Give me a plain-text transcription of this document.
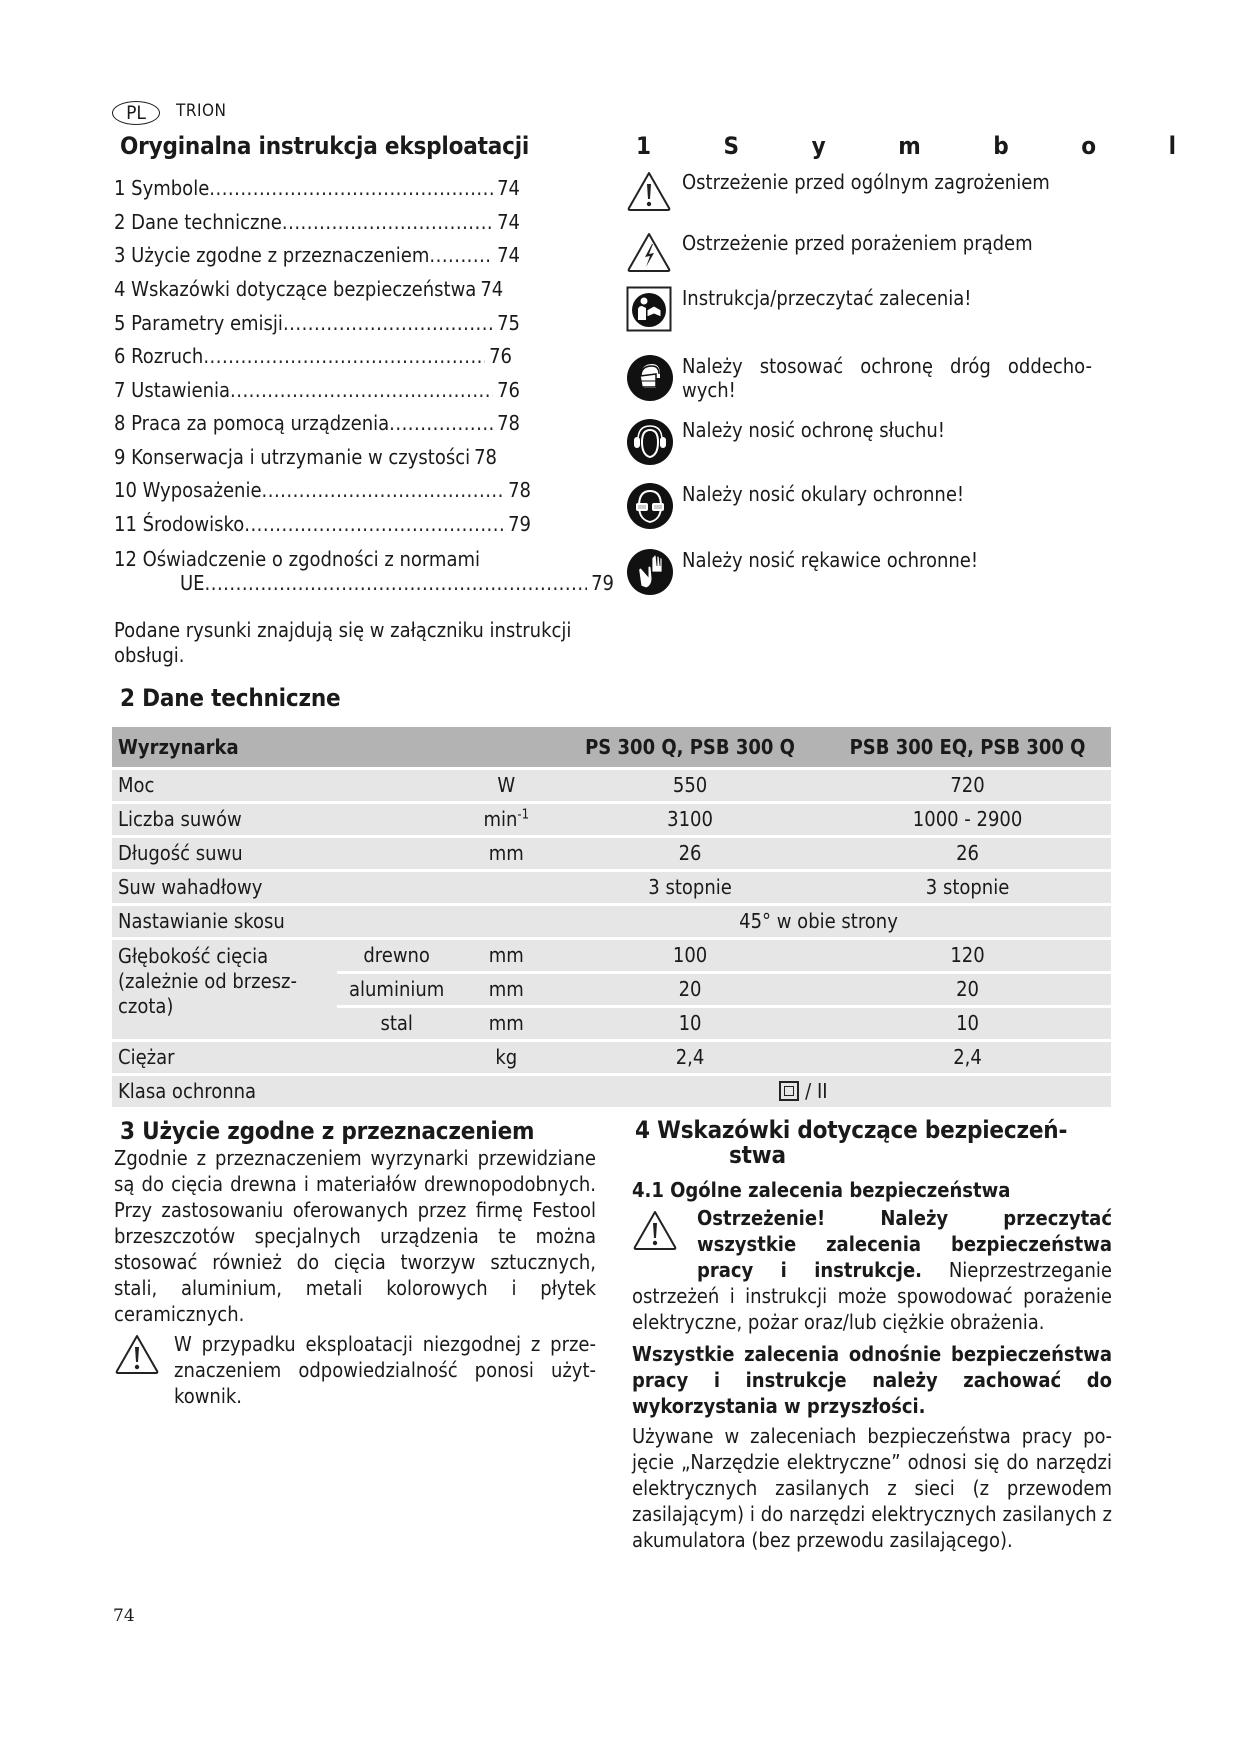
PL	TRION
Oryginalna instrukcja eksploatacji
1 Symbole .....	74
2 Dane techniczne .....	74
3 Użycie zgodne z przeznaczeniem .....	74
4 Wskazówki dotyczące bezpieczeństwa 74
5 Parametry emisji .....	75
6 Rozruch .....	76
7 Ustawienia .....	76
8 Praca za pomocą urządzenia .....	78
9 Konserwacja i utrzymanie w czystości 78
10 Wyposażenie .....	78
11 Środowisko .....	79
12 Oświadczenie o zgodności z normami
UE .....	79
Podane rysunki znajdują się w załączniku instrukcji obsługi.
2 Dane techniczne
1	S	y	m	b	o	l
Ostrzeżenie przed ogólnym zagrożeniem
Ostrzeżenie przed porażeniem prądem
Instrukcja/przeczytać zalecenia!
Należy stosować ochronę dróg oddecho-wych!
Należy nosić ochronę słuchu!
Należy nosić okulary ochronne!
Należy nosić rękawice ochronne!
Wyrzynarka			PS 300 Q, PSB 300 Q	PSB 300 EQ, PSB 300 Q
Moc		W	550	720
Liczba suwów		$\min^{-1}$	3100	1000 - 2900
Długość suwu		mm	26	26
Suw wahadłowy			3 stopnie	3 stopnie
Nastawianie skosu			45° w obie strony	
Głębokość cięcia (zależnie od brzesz-czota)	drewno	mm	100	120
	aluminium	mm	20	20
	stal	mm	10	10
Ciężar		kg	2,4	2,4
Klasa ochronna			/ II	
3 Użycie zgodne z przeznaczeniem
Zgodnie z przeznaczeniem wyrzynarki przewidziane są do cięcia drewna i materiałów drewnopodobnych. Przy zastosowaniu oferowanych przez firmę Festool brzeszczotów specjalnych urządzenia te można stosować również do cięcia tworzyw sztucznych, stali, aluminium, metali kolorowych i płytek ceramicznych.
W przypadku eksploatacji niezgodnej z przeznaczeniem odpowiedzialność ponosi użytkownik.
4 Wskazówki dotyczące bezpieczeń-
stwa
4.1 Ogólne zalecenia bezpieczeństwa
Ostrzeżenie! Należy przeczytać wszystkie zalecenia bezpieczeństwa pracy i instrukcje. Nieprzestrzeganie ostrzeżeń i instrukcji może spowodować porażenie elektryczne, pożar oraz/lub ciężkie obrażenia.
Wszystkie zalecenia odnośnie bezpieczeństwa pracy i instrukcje należy zachować do wykorzystania w przyszłości.
Używane w zaleceniach bezpieczeństwa pracy pojęcie „Narzędzie elektryczne” odnosi się do narzędzi elektrycznych zasilanych z sieci (z przewodem zasilającym) i do narzędzi elektrycznych zasilanych z akumulatora (bez przewodu zasilającego).
74
